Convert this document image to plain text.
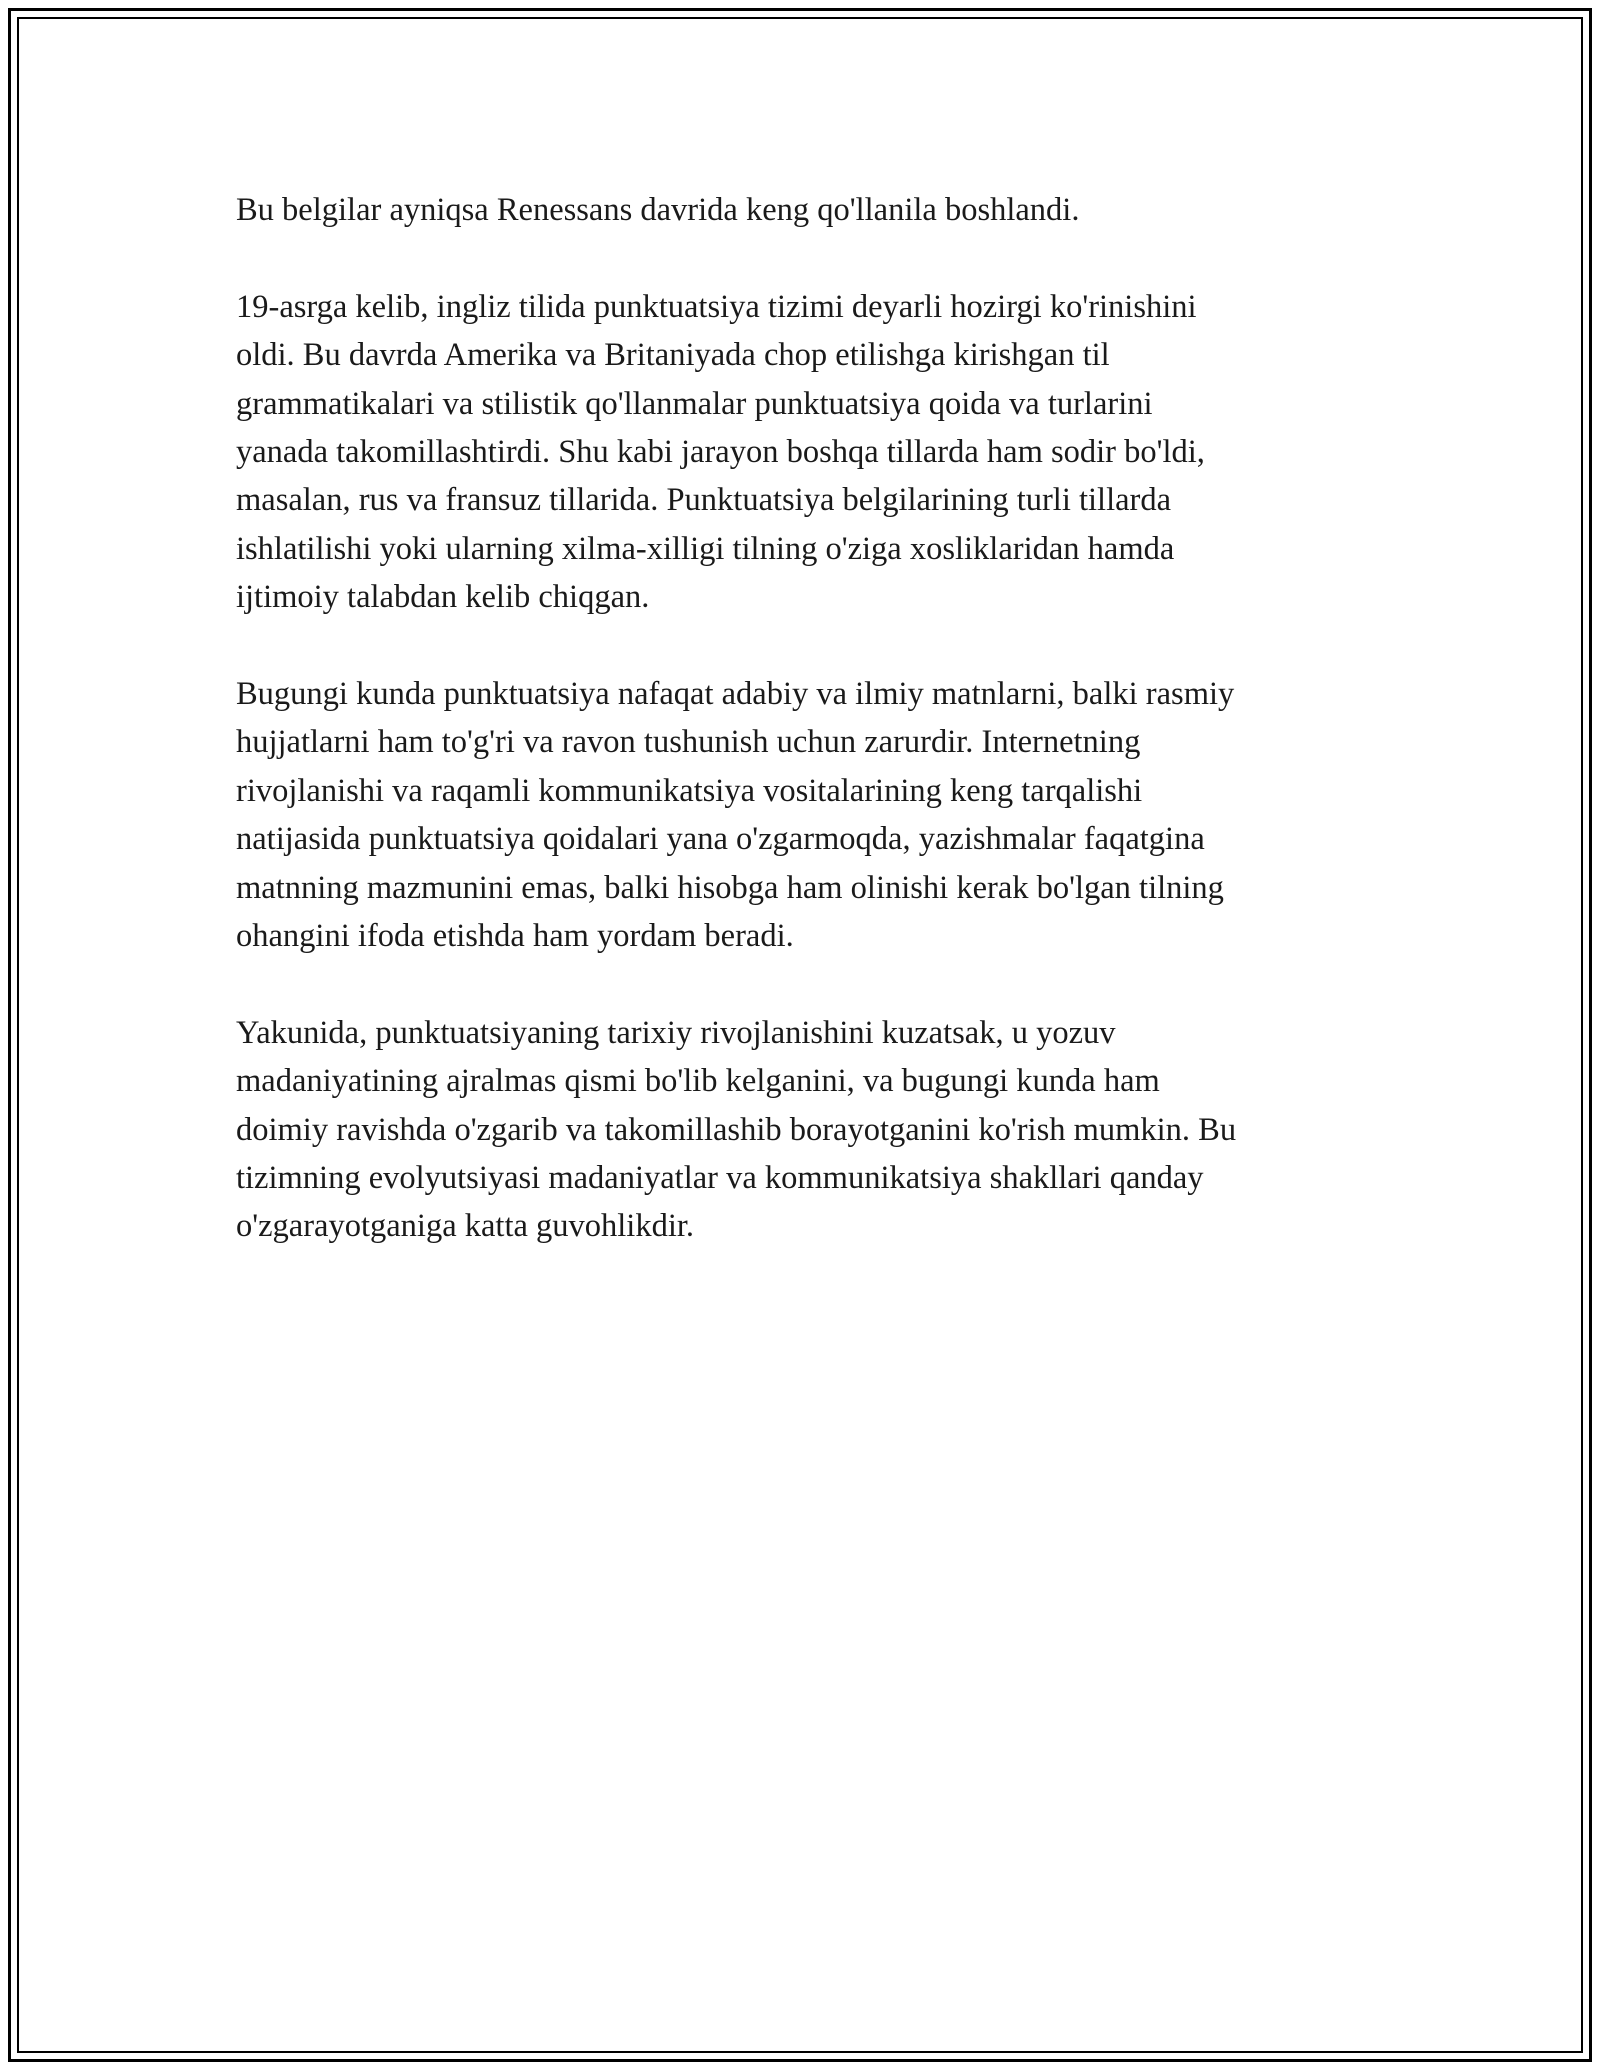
Bu belgilar ayniqsa Renessans davrida keng qo'llanila boshlandi.

19-asrga kelib, ingliz tilida punktuatsiya tizimi deyarli hozirgi ko'rinishini
oldi. Bu davrda Amerika va Britaniyada chop etilishga kirishgan til
grammatikalari va stilistik qo'llanmalar punktuatsiya qoida va turlarini
yanada takomillashtirdi. Shu kabi jarayon boshqa tillarda ham sodir bo'ldi,
masalan, rus va fransuz tillarida. Punktuatsiya belgilarining turli tillarda
ishlatilishi yoki ularning xilma-xilligi tilning o'ziga xosliklaridan hamda
ijtimoiy talabdan kelib chiqgan.

Bugungi kunda punktuatsiya nafaqat adabiy va ilmiy matnlarni, balki rasmiy
hujjatlarni ham to'g'ri va ravon tushunish uchun zarurdir. Internetning
rivojlanishi va raqamli kommunikatsiya vositalarining keng tarqalishi
natijasida punktuatsiya qoidalari yana o'zgarmoqda, yazishmalar faqatgina
matnning mazmunini emas, balki hisobga ham olinishi kerak bo'lgan tilning
ohangini ifoda etishda ham yordam beradi.

Yakunida, punktuatsiyaning tarixiy rivojlanishini kuzatsak, u yozuv
madaniyatining ajralmas qismi bo'lib kelganini, va bugungi kunda ham
doimiy ravishda o'zgarib va takomillashib borayotganini ko'rish mumkin. Bu
tizimning evolyutsiyasi madaniyatlar va kommunikatsiya shakllari qanday
o'zgarayotganiga katta guvohlikdir.
